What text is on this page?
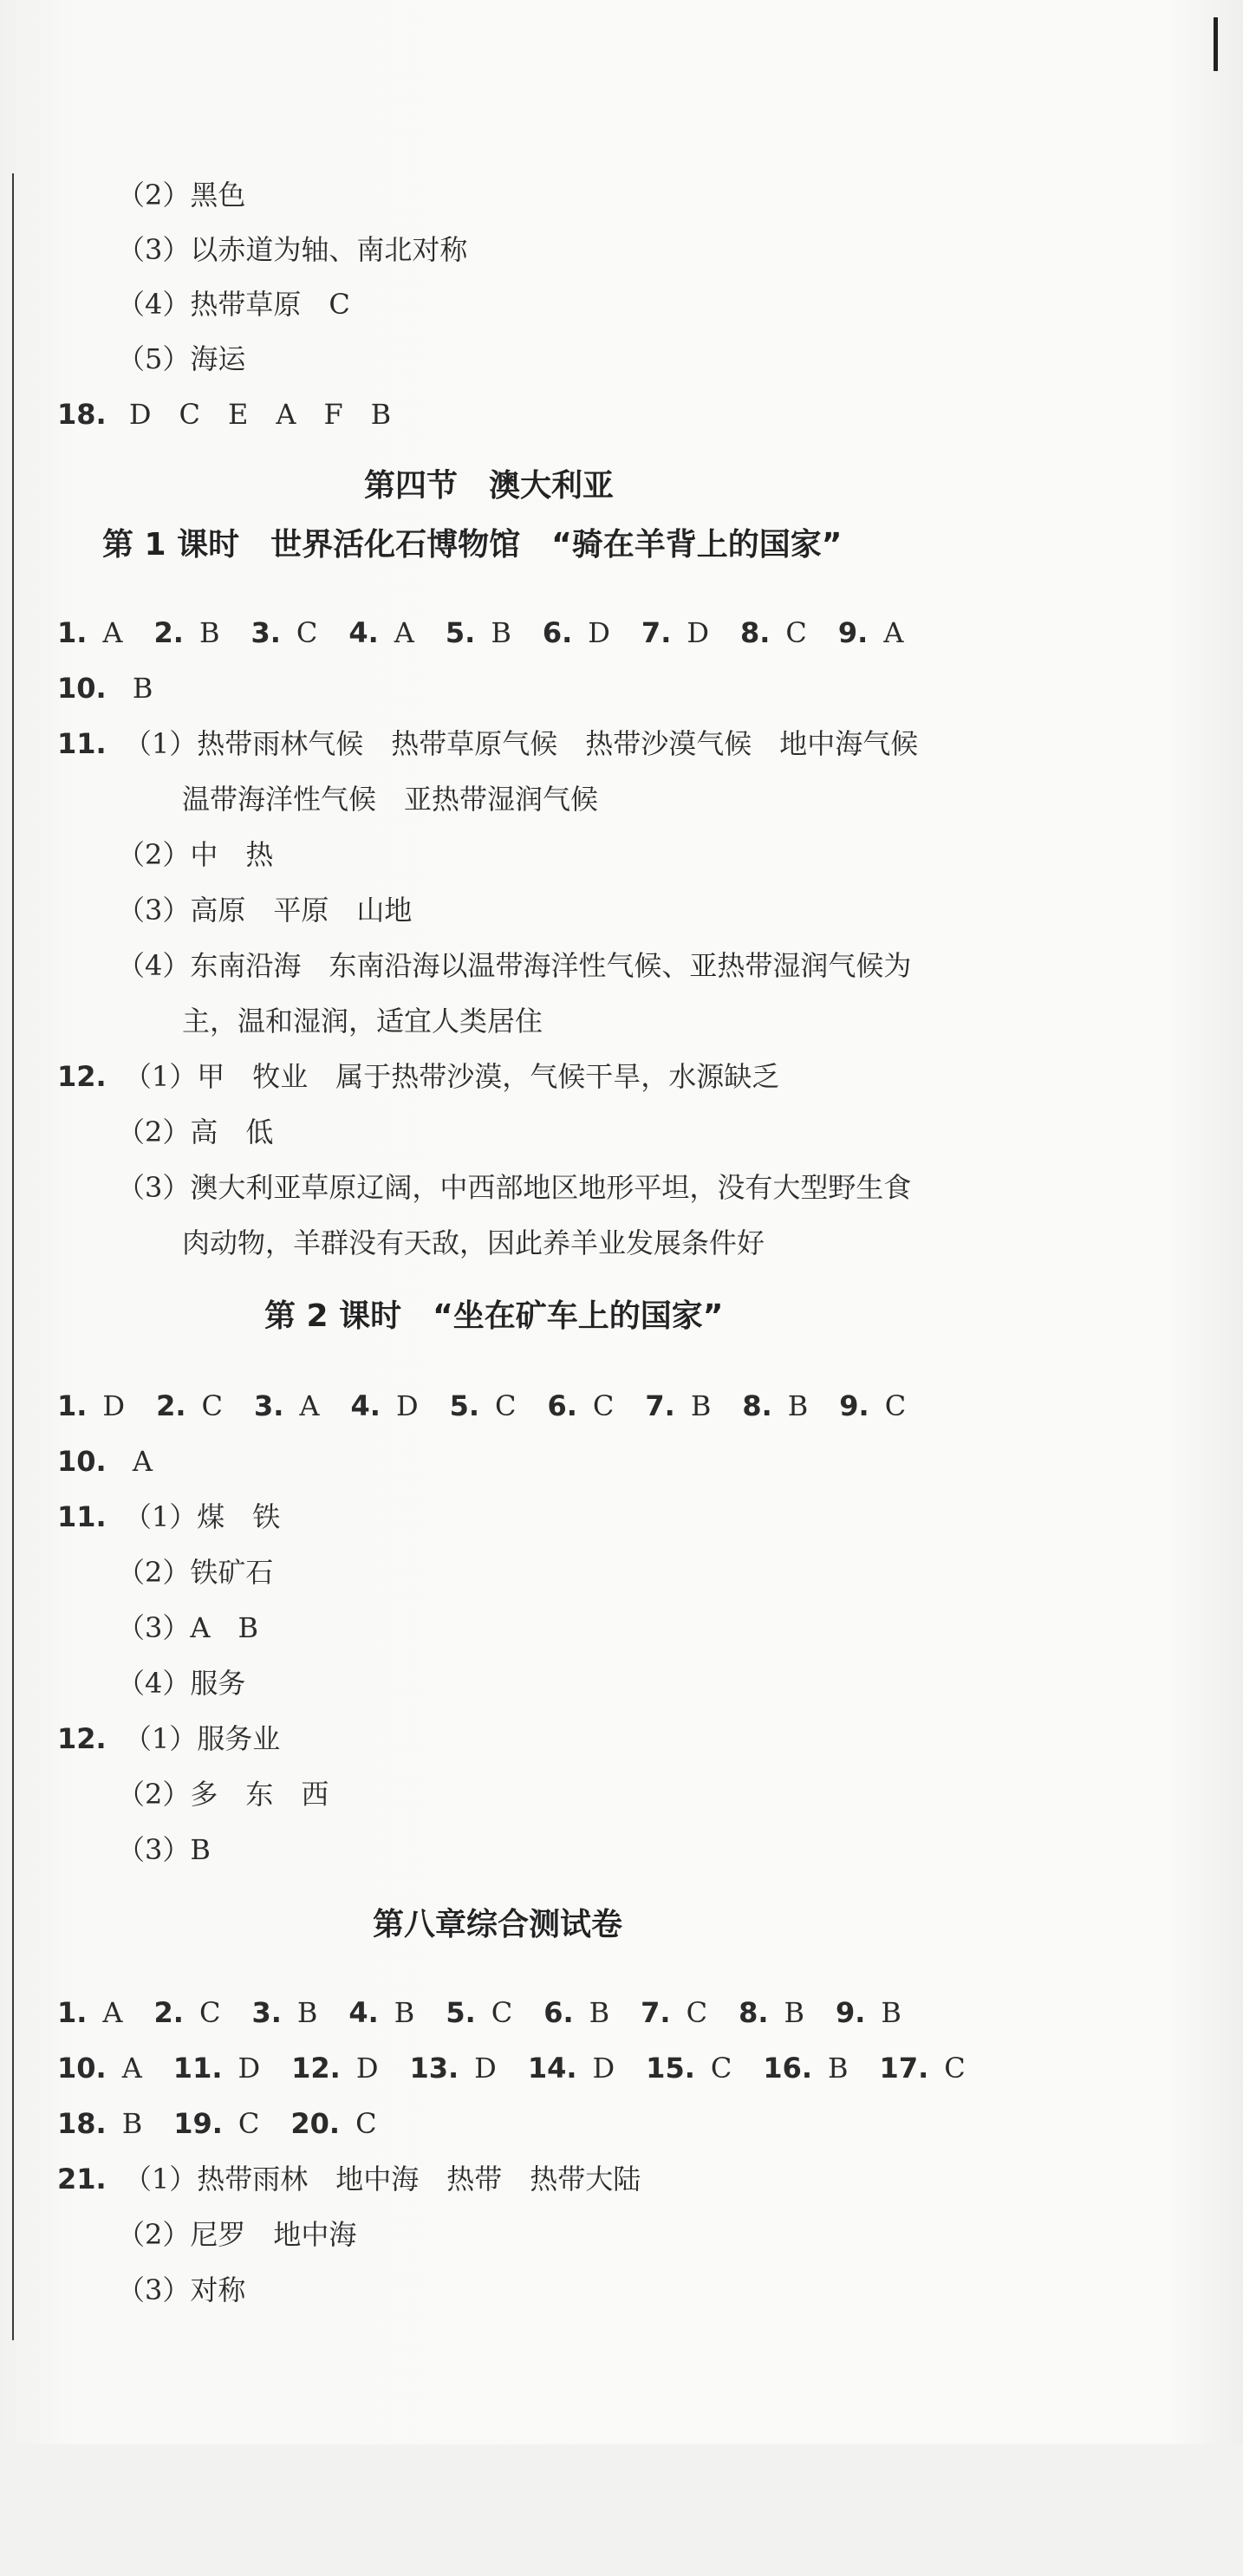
（2）黑色
（3）以赤道为轴、南北对称
（4）热带草原　C
（5）海运
18. D　C　E　A　F　B
第四节　澳大利亚
第 1 课时　世界活化石博物馆　“骑在羊背上的国家”
1. A 2. B 3. C 4. A 5. B 6. D 7. D 8. C 9. A
10. B
11. （1）热带雨林气候　热带草原气候　热带沙漠气候　地中海气候
温带海洋性气候　亚热带湿润气候
（2）中　热
（3）高原　平原　山地
（4）东南沿海　东南沿海以温带海洋性气候、亚热带湿润气候为
主，温和湿润，适宜人类居住
12. （1）甲　牧业　属于热带沙漠，气候干旱，水源缺乏
（2）高　低
（3）澳大利亚草原辽阔，中西部地区地形平坦，没有大型野生食
肉动物，羊群没有天敌，因此养羊业发展条件好
第 2 课时　“坐在矿车上的国家”
1. D 2. C 3. A 4. D 5. C 6. C 7. B 8. B 9. C
10. A
11. （1）煤　铁
（2）铁矿石
（3）A　B
（4）服务
12. （1）服务业
（2）多　东　西
（3）B
第八章综合测试卷
1. A 2. C 3. B 4. B 5. C 6. B 7. C 8. B 9. B
10. A 11. D 12. D 13. D 14. D 15. C 16. B 17. C
18. B 19. C 20. C
21. （1）热带雨林　地中海　热带　热带大陆
（2）尼罗　地中海
（3）对称
